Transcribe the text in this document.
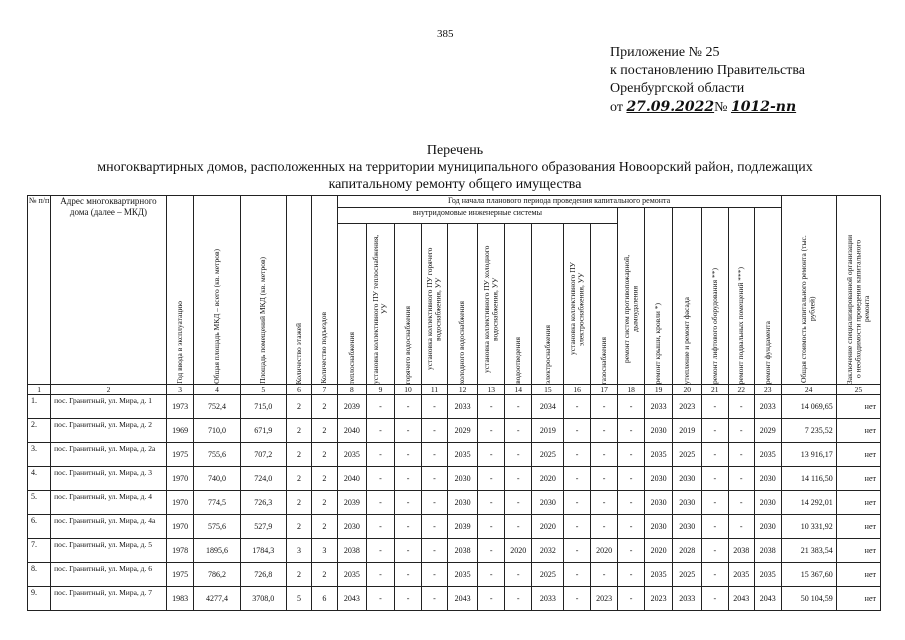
385
Приложение № 25
к постановлению Правительства
Оренбургской области
от 27.09.2022№ 1012-пп
Перечень
многоквартирных домов, расположенных на территории муниципального образования Новоорский район, подлежащих
капитальному ремонту общего имущества
№ п/п	Адрес многоквартирного дома (далее – МКД)	Год ввода в эксплуатацию	Общая площадь МКД – всего (кв. метров)	Площадь помещений МКД (кв. метров)	Количество этажей	Количество подъездов	Год начала планового периода проведения капитального ремонта																Общая стоимость капитального ремонта (тыс. рублей)	Заключение специализированной организации о необходимости проведения капитального ремонта

							внутридомовые инженерные системы										ремонт систем противопожарной, дымоудаления	ремонт крыши, кровли *)	утепление и ремонт фасада	ремонт лифтового оборудования **)	ремонт подвальных помещений ***)	ремонт фундамента		

							теплоснабжения	установка коллективного ПУ теплоснабжения, УУ	горячего водоснабжения	установка коллективного ПУ горячего водоснабжения, УУ	холодного водоснабжения	установка коллективного ПУ холодного водоснабжения, УУ	водоотведения	электроснабжения	установка коллективного ПУ электроснабжения, УУ	газоснабжения								

1	2	3	4	5	6	7	8	9	10	11	12	13	14	15	16	17	18	19	20	21	22	23	24	25
1.	пос. Гранитный, ул. Мира, д. 1	1973	752,4	715,0	2	2	2039	-	-	-	2033	-	-	2034	-	-	-	2033	2023	-	-	2033	14 069,65	нет
2.	пос. Гранитный, ул. Мира, д. 2	1969	710,0	671,9	2	2	2040	-	-	-	2029	-	-	2019	-	-	-	2030	2019	-	-	2029	7 235,52	нет
3.	пос. Гранитный, ул. Мира, д. 2а	1975	755,6	707,2	2	2	2035	-	-	-	2035	-	-	2025	-	-	-	2035	2025	-	-	2035	13 916,17	нет
4.	пос. Гранитный, ул. Мира, д. 3	1970	740,0	724,0	2	2	2040	-	-	-	2030	-	-	2020	-	-	-	2030	2030	-	-	2030	14 116,50	нет
5.	пос. Гранитный, ул. Мира, д. 4	1970	774,5	726,3	2	2	2039	-	-	-	2030	-	-	2030	-	-	-	2030	2030	-	-	2030	14 292,01	нет
6.	пос. Гранитный, ул. Мира, д. 4а	1970	575,6	527,9	2	2	2030	-	-	-	2039	-	-	2020	-	-	-	2030	2030	-	-	2030	10 331,92	нет
7.	пос. Гранитный, ул. Мира, д. 5	1978	1895,6	1784,3	3	3	2038	-	-	-	2038	-	2020	2032	-	2020	-	2020	2028	-	2038	2038	21 383,54	нет
8.	пос. Гранитный, ул. Мира, д. 6	1975	786,2	726,8	2	2	2035	-	-	-	2035	-	-	2025	-	-	-	2035	2025	-	2035	2035	15 367,60	нет
9.	пос. Гранитный, ул. Мира, д. 7	1983	4277,4	3708,0	5	6	2043	-	-	-	2043	-	-	2033	-	2023	-	2023	2033	-	2043	2043	50 104,59	нет
